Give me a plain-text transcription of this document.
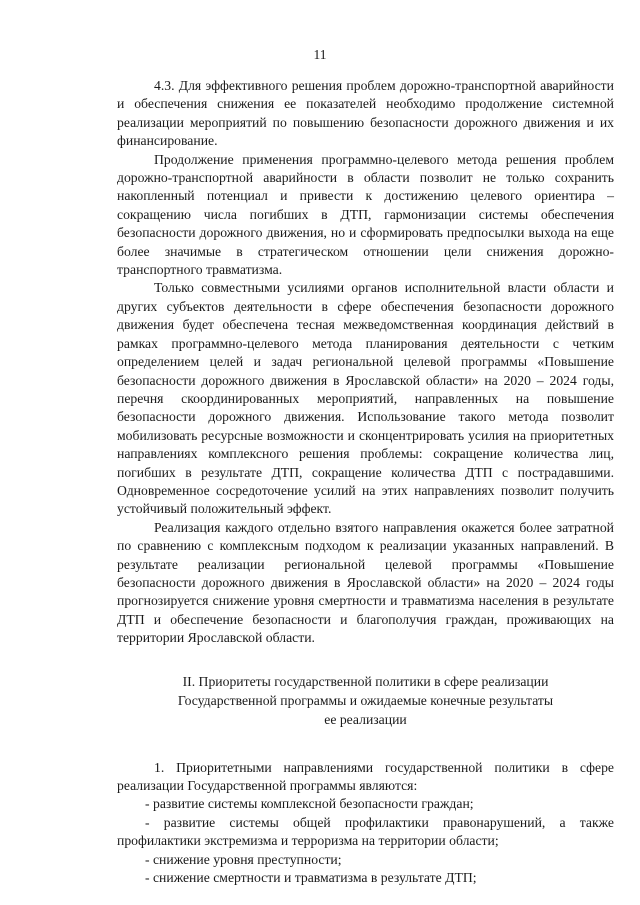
11

4.3. Для эффективного решения проблем дорожно-транспортной аварийности и обеспечения снижения ее показателей необходимо продолжение системной реализации мероприятий по повышению безопасности дорожного движения и их финансирование.

Продолжение применения программно-целевого метода решения проблем дорожно-транспортной аварийности в области позволит не только сохранить накопленный потенциал и привести к достижению целевого ориентира – сокращению числа погибших в ДТП, гармонизации системы обеспечения безопасности дорожного движения, но и сформировать предпосылки выхода на еще более значимые в стратегическом отношении цели снижения дорожно-транспортного травматизма.

Только совместными усилиями органов исполнительной власти области и других субъектов деятельности в сфере обеспечения безопасности дорожного движения будет обеспечена тесная межведомственная координация действий в рамках программно-целевого метода планирования деятельности с четким определением целей и задач региональной целевой программы «Повышение безопасности дорожного движения в Ярославской области» на 2020 – 2024 годы, перечня скоординированных мероприятий, направленных на повышение безопасности дорожного движения. Использование такого метода позволит мобилизовать ресурсные возможности и сконцентрировать усилия на приоритетных направлениях комплексного решения проблемы: сокращение количества лиц, погибших в результате ДТП, сокращение количества ДТП с пострадавшими. Одновременное сосредоточение усилий на этих направлениях позволит получить устойчивый положительный эффект.

Реализация каждого отдельно взятого направления окажется более затратной по сравнению с комплексным подходом к реализации указанных направлений. В результате реализации региональной целевой программы «Повышение безопасности дорожного движения в Ярославской области» на 2020 – 2024 годы прогнозируется снижение уровня смертности и травматизма населения в результате ДТП и обеспечение безопасности и благополучия граждан, проживающих на территории Ярославской области.

II. Приоритеты государственной политики в сфере реализации
Государственной программы и ожидаемые конечные результаты
ее реализации

1. Приоритетными направлениями государственной политики в сфере реализации Государственной программы являются:

- развитие системы комплексной безопасности граждан;
- развитие системы общей профилактики правонарушений, а также профилактики экстремизма и терроризма на территории области;
- снижение уровня преступности;
- снижение смертности и травматизма в результате ДТП;
